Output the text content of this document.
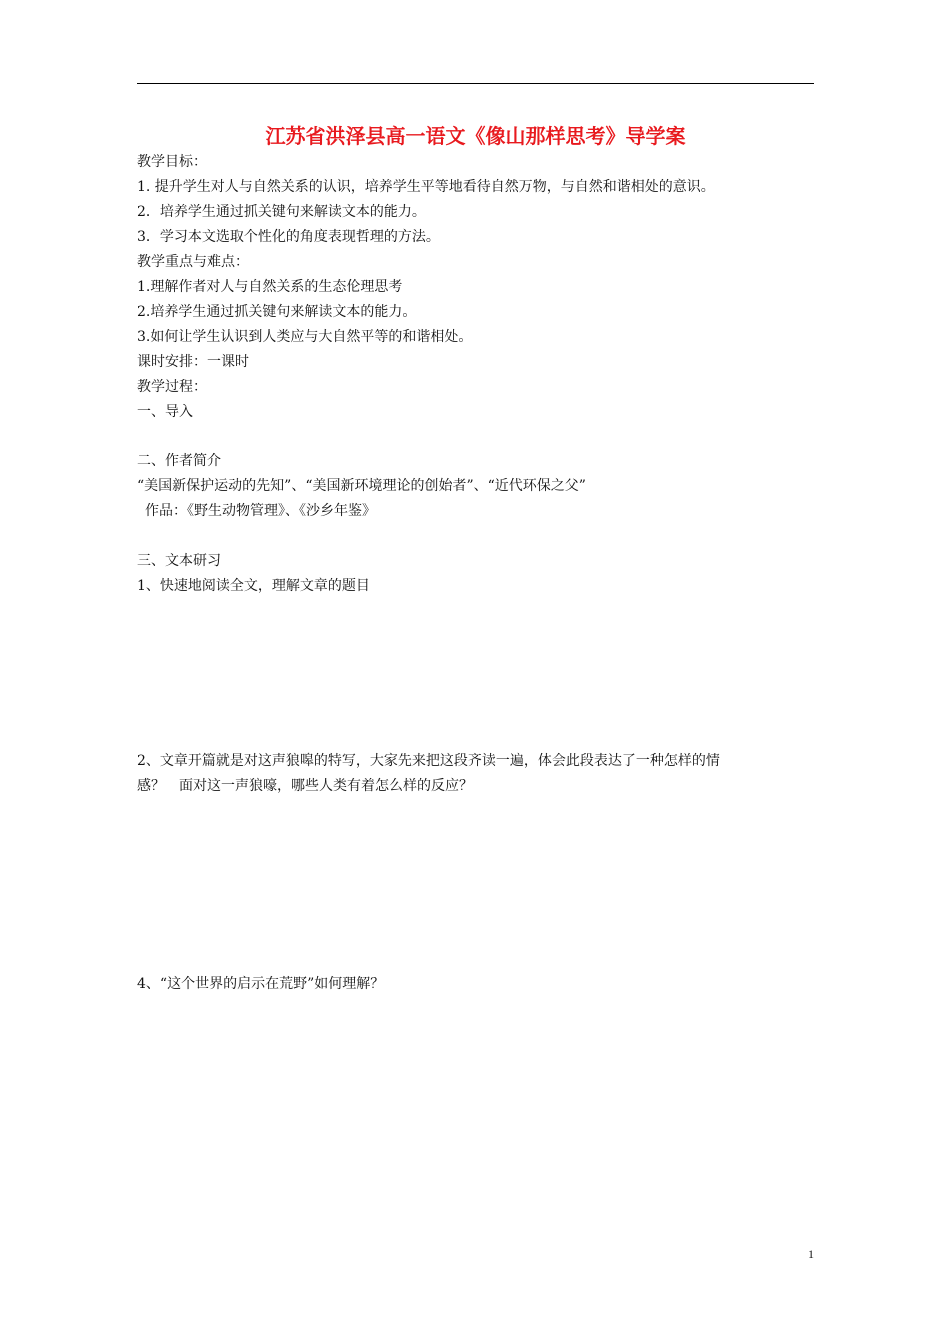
江苏省洪泽县高一语文《像山那样思考》导学案
教学目标：
1. 提升学生对人与自然关系的认识，培养学生平等地看待自然万物，与自然和谐相处的意识。
2．培养学生通过抓关键句来解读文本的能力。
3．学习本文选取个性化的角度表现哲理的方法。
教学重点与难点：
1.理解作者对人与自然关系的生态伦理思考
2.培养学生通过抓关键句来解读文本的能力。
3.如何让学生认识到人类应与大自然平等的和谐相处。
课时安排：一课时
教学过程：
一、导入
二、作者简介
“美国新保护运动的先知”、“美国新环境理论的创始者”、“近代环保之父”
作品：《野生动物管理》、《沙乡年鉴》
三、文本研习
1、快速地阅读全文，理解文章的题目
2、文章开篇就是对这声狼嗥的特写，大家先来把这段齐读一遍，体会此段表达了一种怎样的情
感？　面对这一声狼嚎，哪些人类有着怎么样的反应？
4、“这个世界的启示在荒野”如何理解？
1
